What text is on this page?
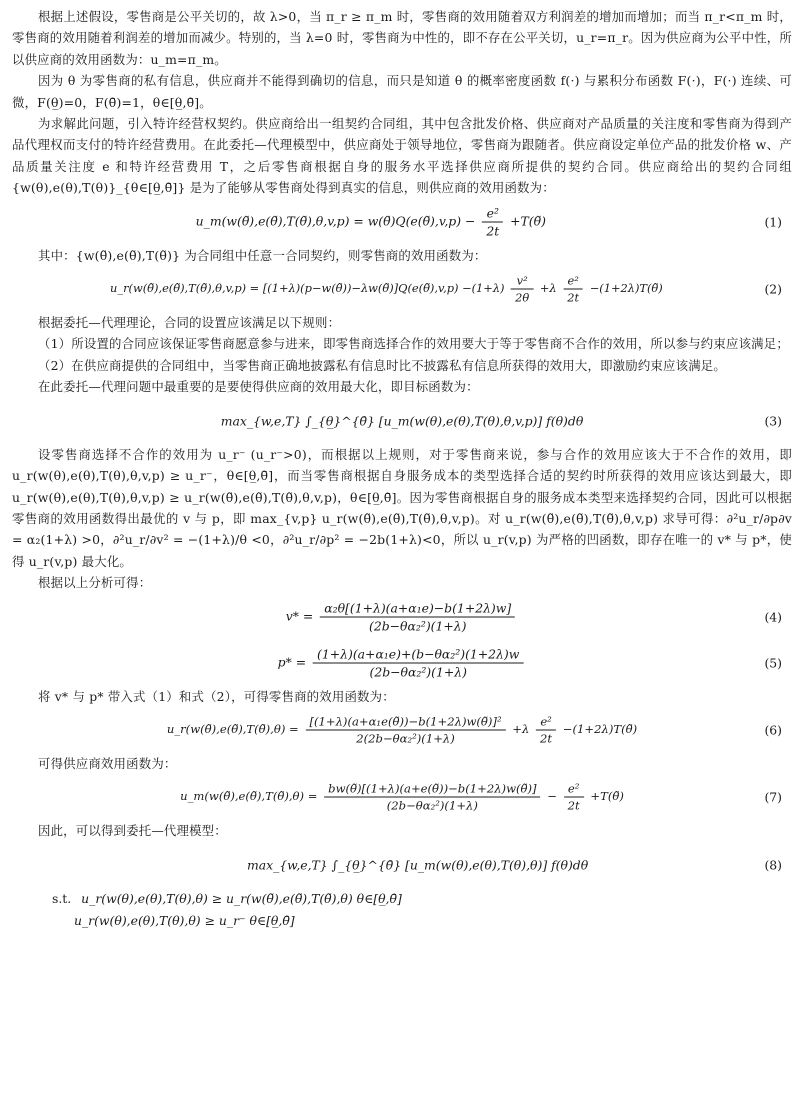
根据上述假设，零售商是公平关切的，故 λ>0，当 π_r ≥ π_m 时，零售商的效用随着双方利润差的增加而增加；而当 π_r<π_m 时，零售商的效用随着利润差的增加而减少。特别的，当 λ=0 时，零售商为中性的，即不存在公平关切，u_r=π_r。因为供应商为公平中性，所以供应商的效用函数为：u_m=π_m。

因为 θ 为零售商的私有信息，供应商并不能得到确切的信息，而只是知道 θ 的概率密度函数 f(·) 与累积分布函数 F(·)，F(·) 连续、可微，F(θ̲)=0，F(θ̄)=1，θ∈[θ̲,θ̄]。

为求解此问题，引入特许经营权契约。供应商给出一组契约合同组，其中包含批发价格、供应商对产品质量的关注度和零售商为得到产品代理权而支付的特许经营费用。在此委托—代理模型中，供应商处于领导地位，零售商为跟随者。供应商设定单位产品的批发价格 w、产品质量关注度 e 和特许经营费用 T，之后零售商根据自身的服务水平选择供应商所提供的契约合同。供应商给出的契约合同组 {w(θ),e(θ),T(θ)}_{θ∈[θ̲,θ̄]} 是为了能够从零售商处得到真实的信息，则供应商的效用函数为：

u_m(w(θ̃),e(θ̃),T(θ̃),θ,v,p) = w(θ̃)Q(e(θ̃),v,p) − $\frac{\text{e²}}{2t}$ +T(θ̃)	(1)

其中：{w(θ̃),e(θ̃),T(θ̃)} 为合同组中任意一合同契约，则零售商的效用函数为：

u_r(w(θ̃),e(θ̃),T(θ̃),θ,v,p) = [(1+λ)(p−w(θ̃))−λw(θ̃)]Q(e(θ̃),v,p) $-(1+\lambda) \frac{\text{v²}}{2\theta} +\lambda \frac{\text{e²}}{2t}$ −(1+2λ)T(θ̃)	(2)

根据委托—代理理论，合同的设置应该满足以下规则：

（1）所设置的合同应该保证零售商愿意参与进来，即零售商选择合作的效用要大于等于零售商不合作的效用，所以参与约束应该满足；

（2）在供应商提供的合同组中，当零售商正确地披露私有信息时比不披露私有信息所获得的效用大，即激励约束应该满足。

在此委托—代理问题中最重要的是要使得供应商的效用最大化，即目标函数为：

max_{w,e,T} ∫_{θ̲}^{θ̄} [u_m(w(θ),e(θ),T(θ),θ,v,p)] f(θ)dθ	(3)

设零售商选择不合作的效用为 u_r⁻ (u_r⁻>0)，而根据以上规则，对于零售商来说，参与合作的效用应该大于不合作的效用，即 u_r(w(θ),e(θ),T(θ),θ,v,p) ≥ u_r⁻，θ∈[θ̲,θ̄]，而当零售商根据自身服务成本的类型选择合适的契约时所获得的效用应该达到最大，即 u_r(w(θ),e(θ),T(θ),θ,v,p) ≥ u_r(w(θ̃),e(θ̃),T(θ̃),θ,v,p)，θ∈[θ̲,θ̄]。因为零售商根据自身的服务成本类型来选择契约合同，因此可以根据零售商的效用函数得出最优的 v 与 p，即 max_{v,p} u_r(w(θ̃),e(θ̃),T(θ̃),θ,v,p)。对 u_r(w(θ̃),e(θ̃),T(θ̃),θ,v,p) 求导可得：∂²u_r/∂p∂v = α₂(1+λ) >0，∂²u_r/∂v² = −(1+λ)/θ <0，∂²u_r/∂p² = −2b(1+λ)<0，所以 u_r(v,p) 为严格的凹函数，即存在唯一的 v* 与 p*，使得 u_r(v,p) 最大化。

根据以上分析可得：

$v* = \frac{\text{α₂θ[(1+λ)(a+α₁e)−b(1+2λ)w]}}{\text{(2b−θα₂²)(1+λ)}}$	(4)
$p* = \frac{\text{(1+λ)(a+α₁e)+(b−θα₂²)(1+2λ)w}}{\text{(2b−θα₂²)(1+λ)}}$	(5)

将 v* 与 p* 带入式（1）和式（2），可得零售商的效用函数为：

u_r(w(θ̃),e(θ̃),T(θ̃),θ) = $\frac{\text{[(1+λ)(a+α₁e(θ̃))−b(1+2λ)w(θ̃)]²}}{\text{2(2b−θα₂²)(1+λ)}} +\lambda \frac{\text{e²}}{2t}$ −(1+2λ)T(θ̃)	(6)

可得供应商效用函数为：

u_m(w(θ̃),e(θ̃),T(θ̃),θ) = $\frac{bw(\thetã)[(1+\lambda)(a+e(\thetã))-b(1+2\lambda)w(\thetã)]}{\text{(2b−θα₂²)(1+λ)}} - \frac{\text{e²}}{2t}$ +T(θ̃)	(7)

因此，可以得到委托—代理模型：

max_{w,e,T} ∫_{θ̲}^{θ̄} [u_m(w(θ),e(θ),T(θ),θ)] f(θ)dθ	(8)
s.t. u_r(w(θ),e(θ),T(θ),θ) ≥ u_r(w(θ̃),e(θ̃),T(θ̃),θ) θ∈[θ̲,θ̄]
u_r(w(θ),e(θ),T(θ),θ) ≥ u_r⁻ θ∈[θ̲,θ̄]
